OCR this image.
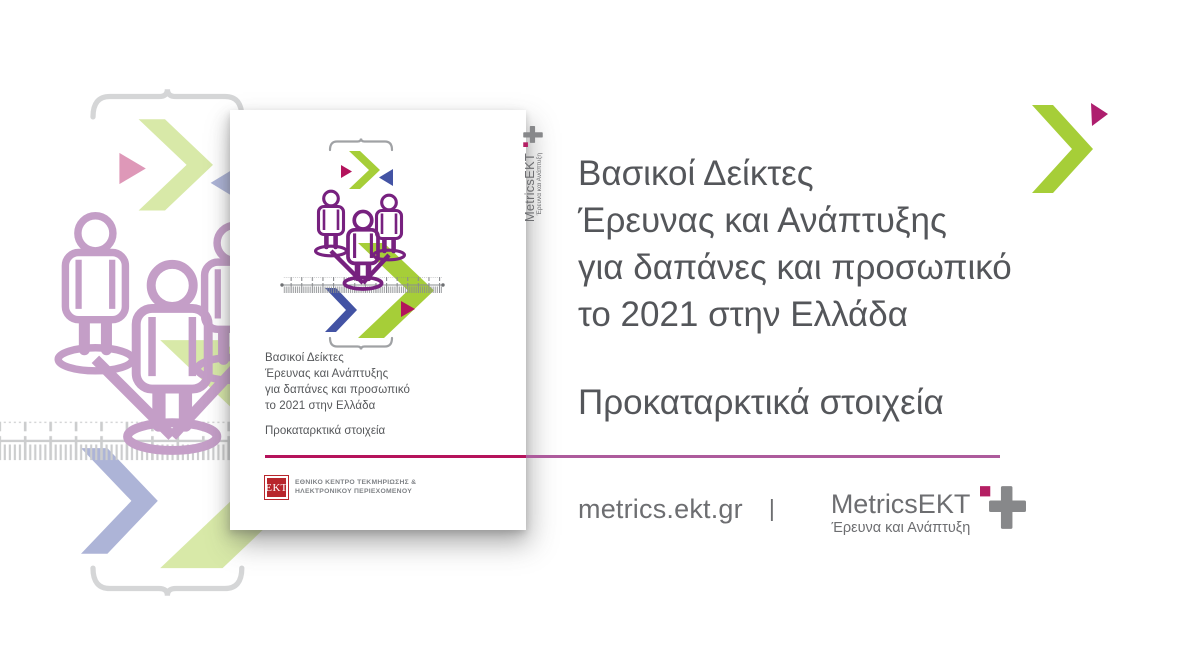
MetricsEKT Έρευνα και Ανάπτυξη
Βασικοί Δείκτες
Έρευνας και Ανάπτυξης
για δαπάνες και προσωπικό
το 2021 στην Ελλάδα
Προκαταρκτικά στοιχεία
ΕΚΤ ΕΘΝΙΚΟ ΚΕΝΤΡΟ ΤΕΚΜΗΡΙΩΣΗΣ &
ΗΛΕΚΤΡΟΝΙΚΟΥ ΠΕΡΙΕΧΟΜΕΝΟΥ
Βασικοί Δείκτες
Έρευνας και Ανάπτυξης
για δαπάνες και προσωπικό
το 2021 στην Ελλάδα
Προκαταρκτικά στοιχεία
metrics.ekt.gr | MetricsEKT
Έρευνα και Ανάπτυξη
